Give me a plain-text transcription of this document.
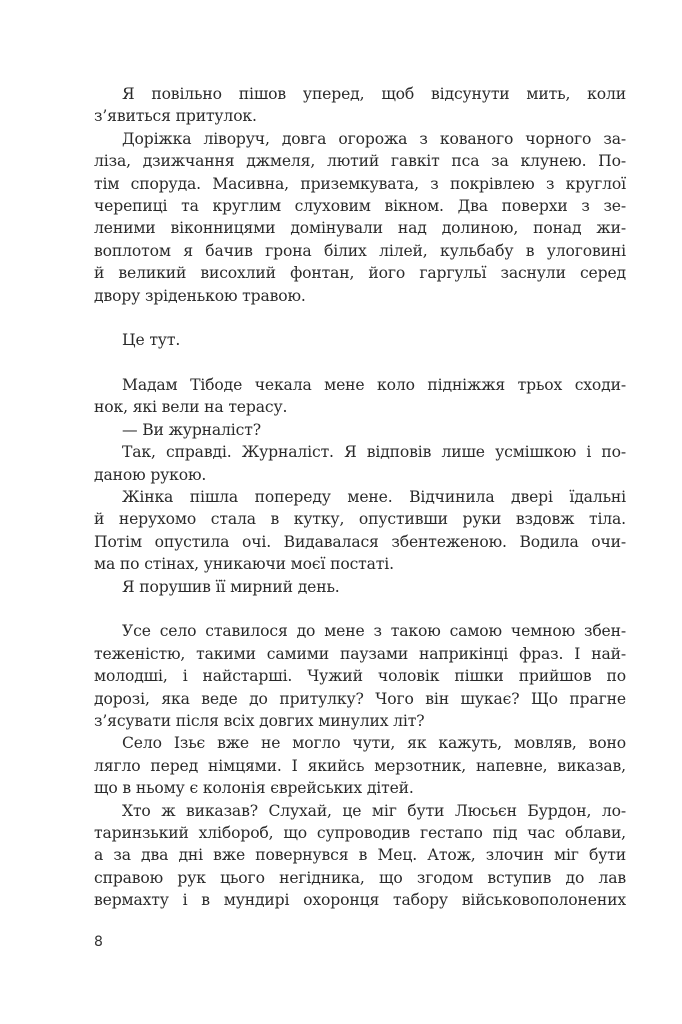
Я повільно пішов уперед, щоб відсунути мить, коли
з’явиться притулок.
Доріжка ліворуч, довга огорожа з кованого чорного за-
ліза, дзижчання джмеля, лютий гавкіт пса за клунею. По-
тім споруда. Масивна, приземкувата, з покрівлею з круглої
черепиці та круглим слуховим вікном. Два поверхи з зе-
леними віконницями домінували над долиною, понад жи-
воплотом я бачив грона білих лілей, кульбабу в улоговині
й великий висохлий фонтан, його гаргульї заснули серед
двору зріденькою травою.
Це тут.
Мадам Тібоде чекала мене коло підніжжя трьох сходи-
нок, які вели на терасу.
— Ви журналіст?
Так, справді. Журналіст. Я відповів лише усмішкою і по-
даною рукою.
Жінка пішла попереду мене. Відчинила двері їдальні
й нерухомо стала в кутку, опустивши руки вздовж тіла.
Потім опустила очі. Видавалася збентеженою. Водила очи-
ма по стінах, уникаючи моєї постаті.
Я порушив її мирний день.
Усе село ставилося до мене з такою самою чемною збен-
теженістю, такими самими паузами наприкінці фраз. І най-
молодші, і найстарші. Чужий чоловік пішки прийшов по
дорозі, яка веде до притулку? Чого він шукає? Що прагне
з’ясувати після всіх довгих минулих літ?
Село Ізьє вже не могло чути, як кажуть, мовляв, воно
лягло перед німцями. І якийсь мерзотник, напевне, виказав,
що в ньому є колонія єврейських дітей.
Хто ж виказав? Слухай, це міг бути Люсьєн Бурдон, ло-
таринзький хлібороб, що супроводив гестапо під час облави,
а за два дні вже повернувся в Мец. Атож, злочин міг бути
справою рук цього негідника, що згодом вступив до лав
вермахту і в мундирі охоронця табору військовополонених
8
